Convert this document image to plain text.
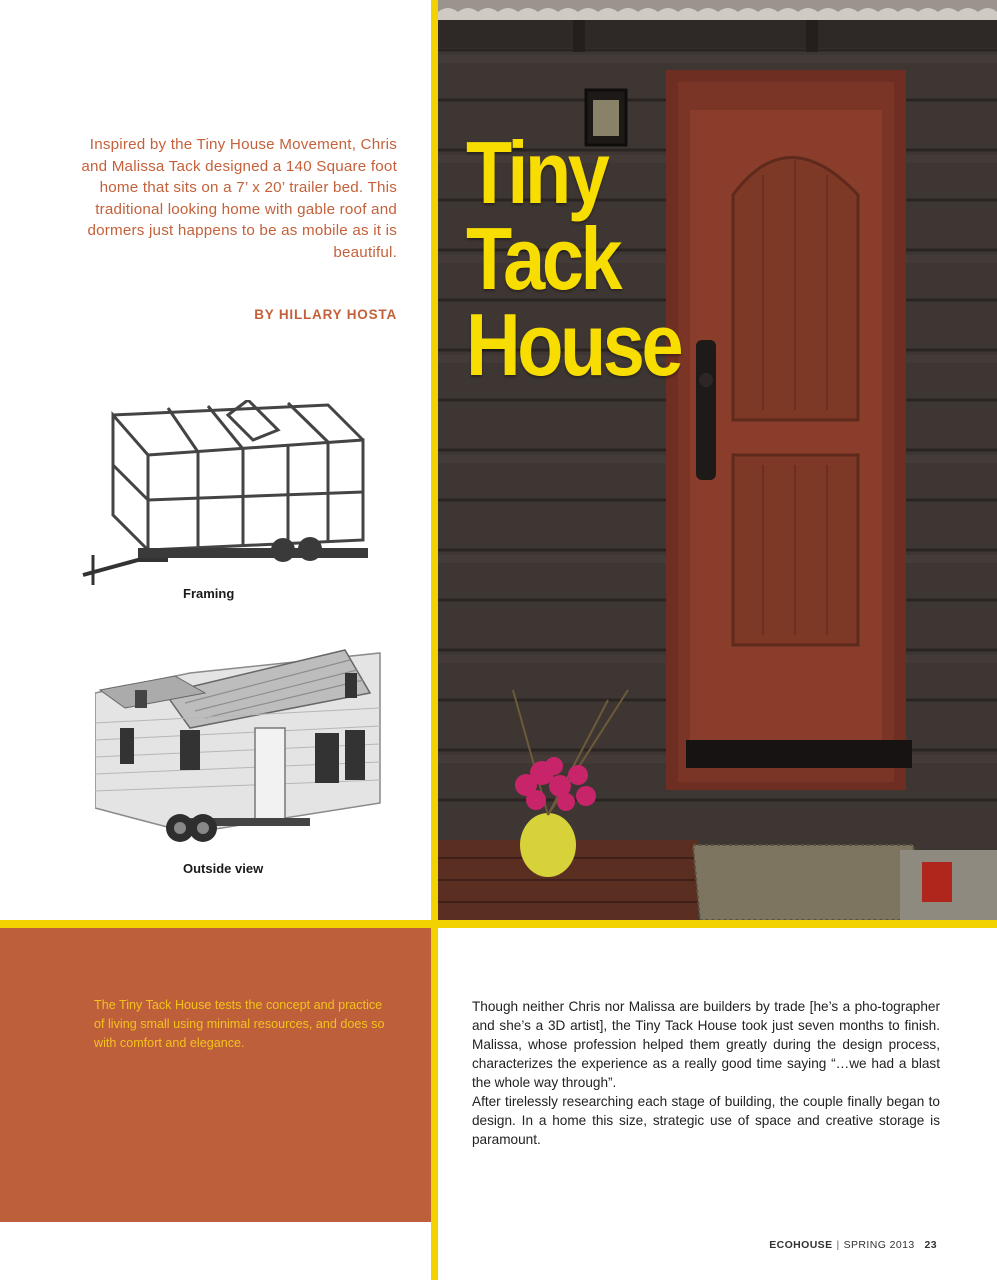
Tiny
Tack
House
Inspired by the Tiny House Movement, Chris and Malissa Tack designed a 140 Square foot home that sits on a 7’ x 20’ trailer bed. This traditional looking home with gable roof and dormers just happens to be as mobile as it is beautiful.
BY HILLARY HOSTA
Framing
Outside view
The Tiny Tack House tests the concept and practice of living small using minimal resources, and does so with comfort and elegance.

Though neither Chris nor Malissa are builders by trade [he’s a pho-tographer and she’s a 3D artist], the Tiny Tack House took just seven months to finish. Malissa, whose profession helped them greatly during the design process, characterizes the experience as a really good time saying “…we had a blast the whole way through”.

After tirelessly researching each stage of building, the couple finally began to design. In a home this size, strategic use of space and creative storage is paramount.

ECOHOUSE | SPRING 2013 23
